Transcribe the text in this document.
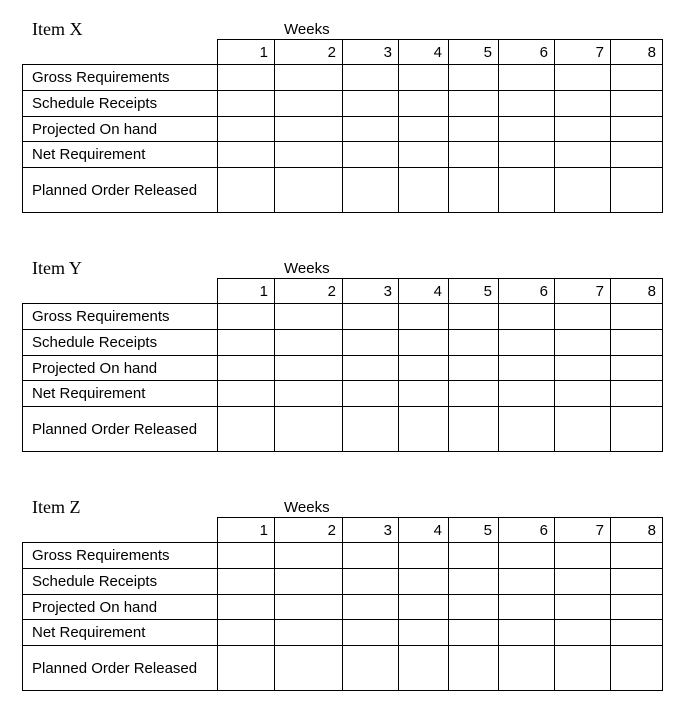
Item X	Weeks
	1	2	3	4	5	6	7	8
Gross Requirements								
Schedule Receipts								
Projected On hand								
Net Requirement								
Planned Order Released								
Item Y	Weeks
	1	2	3	4	5	6	7	8
Gross Requirements								
Schedule Receipts								
Projected On hand								
Net Requirement								
Planned Order Released								
Item Z	Weeks
	1	2	3	4	5	6	7	8
Gross Requirements								
Schedule Receipts								
Projected On hand								
Net Requirement								
Planned Order Released								
